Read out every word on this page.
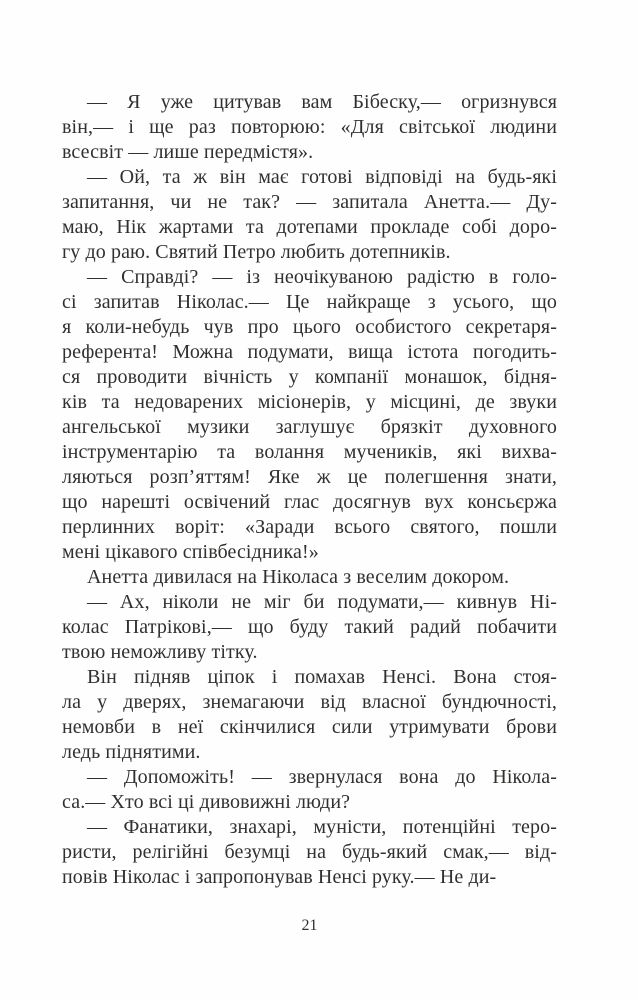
— Я уже цитував вам Бібеску,— огризнувся
він,— і ще раз повторюю: «Для світської людини
всесвіт — лише передмістя».
— Ой, та ж він має готові відповіді на будь-які
запитання, чи не так? — запитала Анетта.— Ду-
маю, Нік жартами та дотепами прокладе собі доро-
гу до раю. Святий Петро любить дотепників.
— Справді? — із неочікуваною радістю в голо-
сі запитав Ніколас.— Це найкраще з усього, що
я коли-небудь чув про цього особистого секретаря-
референта! Можна подумати, вища істота погодить-
ся проводити вічність у компанії монашок, бідня-
ків та недоварених місіонерів, у місцині, де звуки
ангельської музики заглушує брязкіт духовного
інструментарію та волання мучеників, які вихва-
ляються розп’яттям! Яке ж це полегшення знати,
що нарешті освічений глас досягнув вух консьєржа
перлинних воріт: «Заради всього святого, пошли
мені цікавого співбесідника!»
Анетта дивилася на Ніколаса з веселим докором.
— Ах, ніколи не міг би подумати,— кивнув Ні-
колас Патрікові,— що буду такий радий побачити
твою неможливу тітку.
Він підняв ціпок і помахав Ненсі. Вона стоя-
ла у дверях, знемагаючи від власної бундючності,
немовби в неї скінчилися сили утримувати брови
ледь піднятими.
— Допоможіть! — звернулася вона до Нікола-
са.— Хто всі ці дивовижні люди?
— Фанатики, знахарі, муністи, потенційні теро-
ристи, релігійні безумці на будь-який смак,— від-
повів Ніколас і запропонував Ненсі руку.— Не ди-
21
